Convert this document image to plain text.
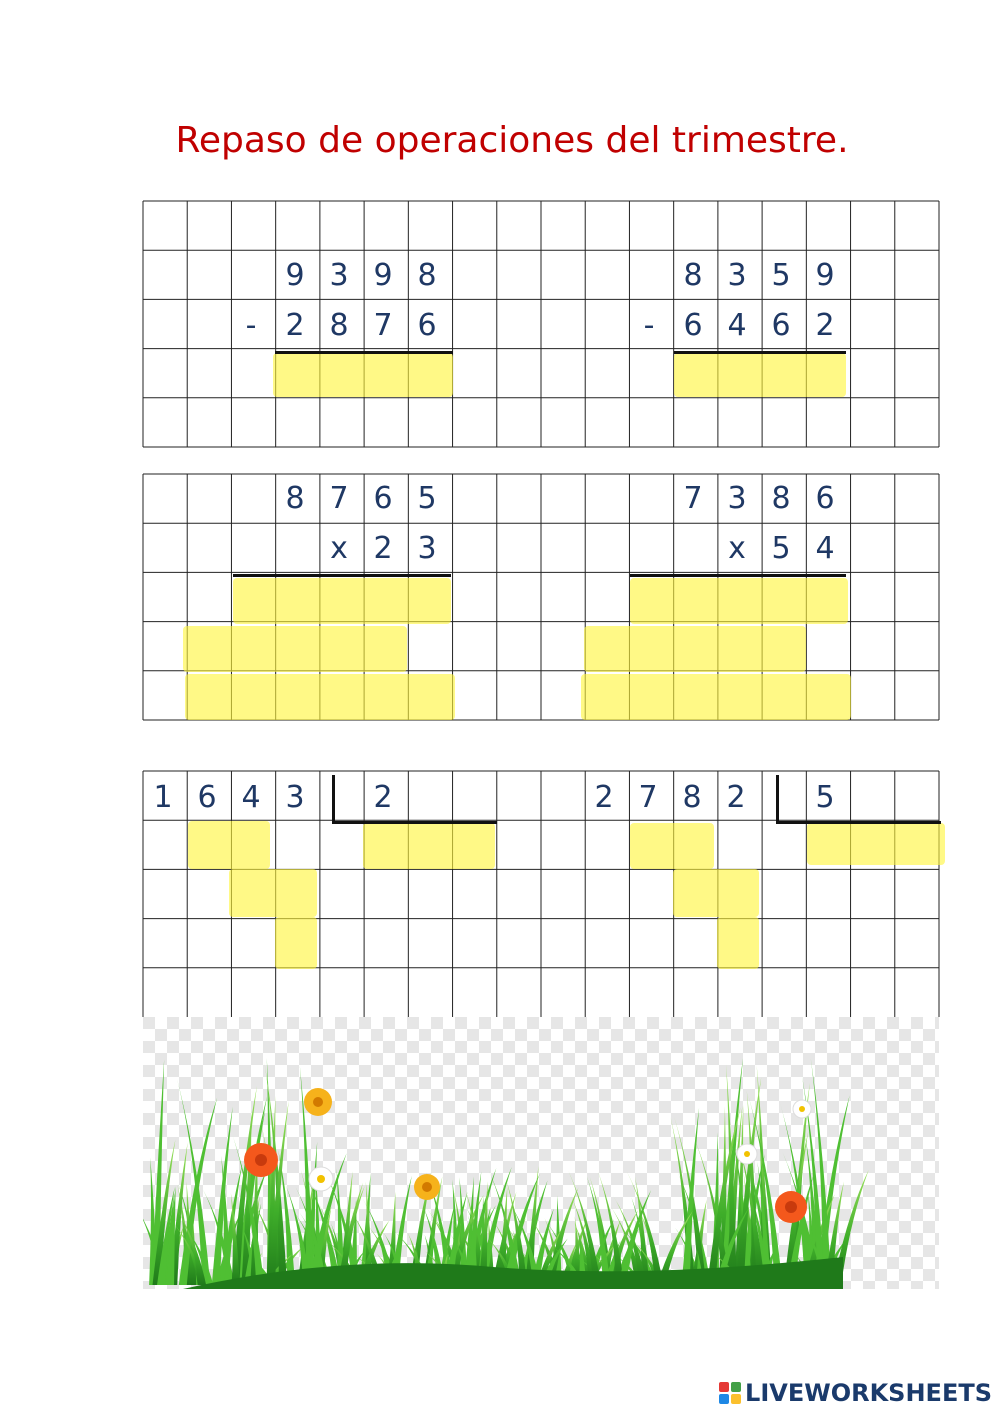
Repaso de operaciones del trimestre.
9 3 9 8
- 2 8 7 6
8 3 5 9
- 6 4 6 2
8 7 6 5
x 2 3
7 3 8 6
x 5 4
1 6 4 3	2	2 7 8 2	5
LIVEWORKSHEETS
